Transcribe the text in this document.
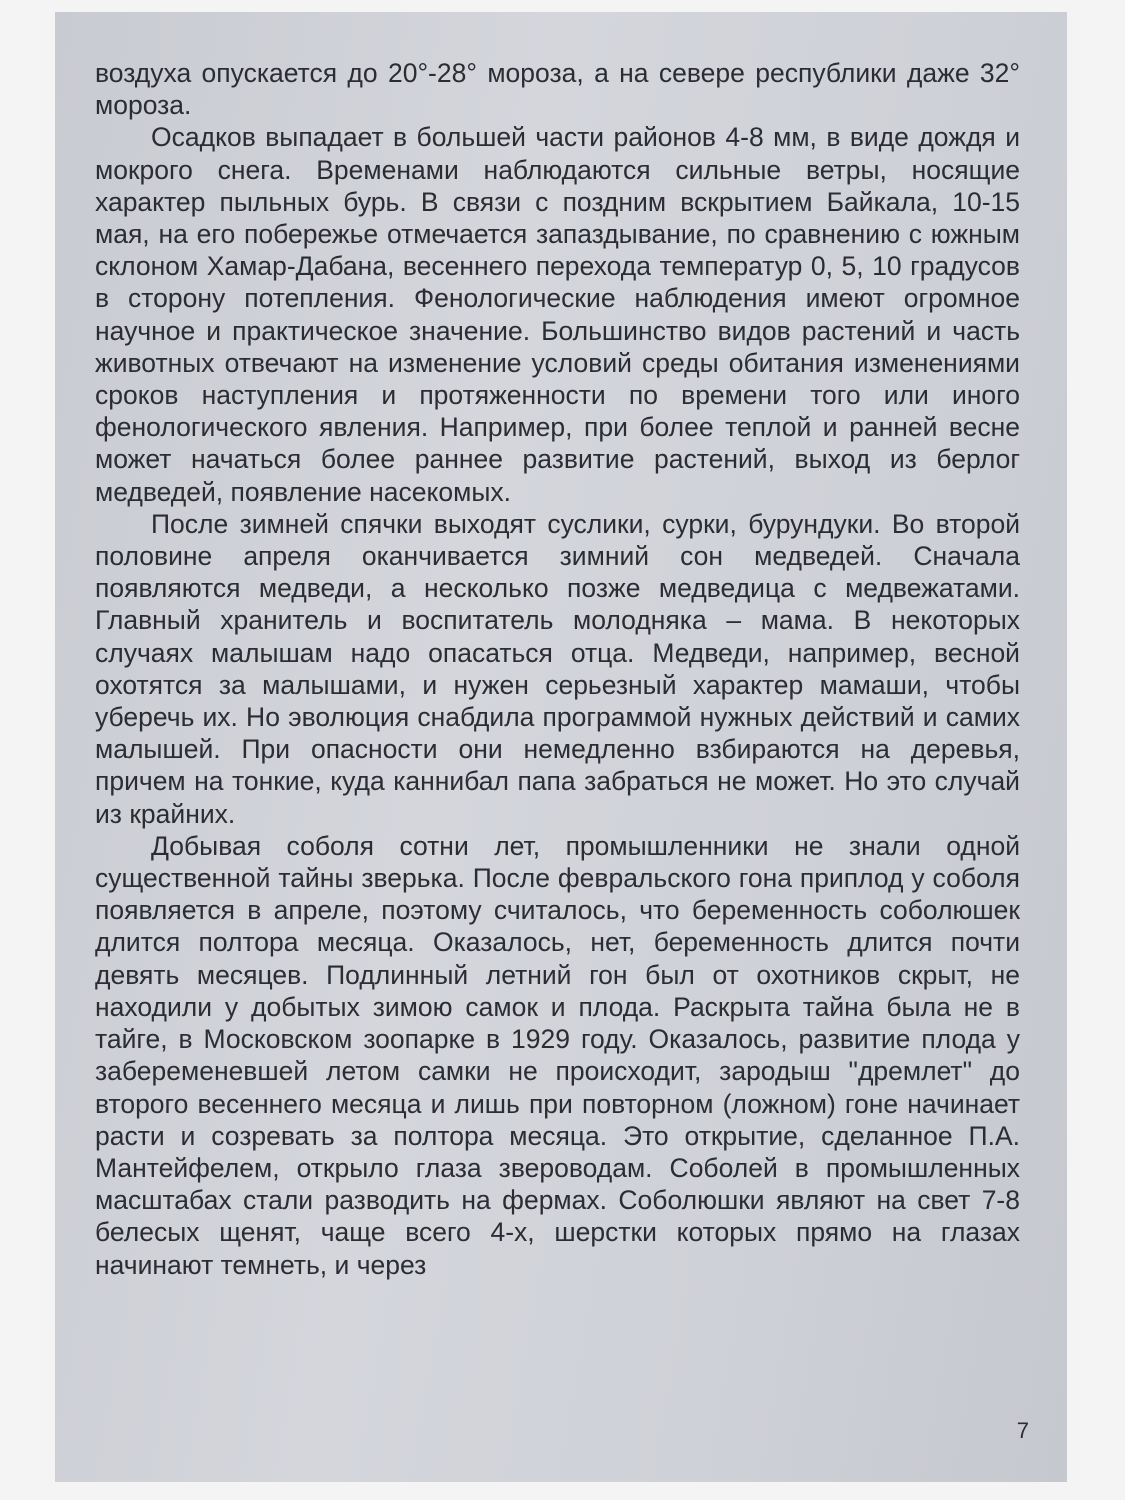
воздуха опускается до 20°-28° мороза, а на севере республики даже 32° мороза.

Осадков выпадает в большей части районов 4-8 мм, в виде дождя и мокрого снега. Временами наблюдаются сильные ветры, носящие характер пыльных бурь. В связи с поздним вскрытием Байкала, 10-15 мая, на его побережье отмечается запаздывание, по сравнению с южным склоном Хамар-Дабана, весеннего перехода температур 0, 5, 10 градусов в сторону потепления. Фенологические наблюдения имеют огромное научное и практическое значение. Большинство видов растений и часть животных отвечают на изменение условий среды обитания изменениями сроков наступления и протяженности по времени того или иного фенологического явления. Например, при более теплой и ранней весне может начаться более раннее развитие растений, выход из берлог медведей, появление насекомых.

После зимней спячки выходят суслики, сурки, бурундуки. Во второй половине апреля оканчивается зимний сон медведей. Сначала появляются медведи, а несколько позже медведица с медвежатами. Главный хранитель и воспитатель молодняка – мама. В некоторых случаях малышам надо опасаться отца. Медведи, например, весной охотятся за малышами, и нужен серьезный характер мамаши, чтобы уберечь их. Но эволюция снабдила программой нужных действий и самих малышей. При опасности они немедленно взбираются на деревья, причем на тонкие, куда каннибал папа забраться не может. Но это случай из крайних.

Добывая соболя сотни лет, промышленники не знали одной существенной тайны зверька. После февральского гона приплод у соболя появляется в апреле, поэтому считалось, что беременность соболюшек длится полтора месяца. Оказалось, нет, беременность длится почти девять месяцев. Подлинный летний гон был от охотников скрыт, не находили у добытых зимою самок и плода. Раскрыта тайна была не в тайге, в Московском зоопарке в 1929 году. Оказалось, развитие плода у забеременевшей летом самки не происходит, зародыш "дремлет" до второго весеннего месяца и лишь при повторном (ложном) гоне начинает расти и созревать за полтора месяца. Это открытие, сделанное П.А. Мантейфелем, открыло глаза звероводам. Соболей в промышленных масштабах стали разводить на фермах. Соболюшки являют на свет 7-8 белесых щенят, чаще всего 4-х, шерстки которых прямо на глазах начинают темнеть, и через

7
